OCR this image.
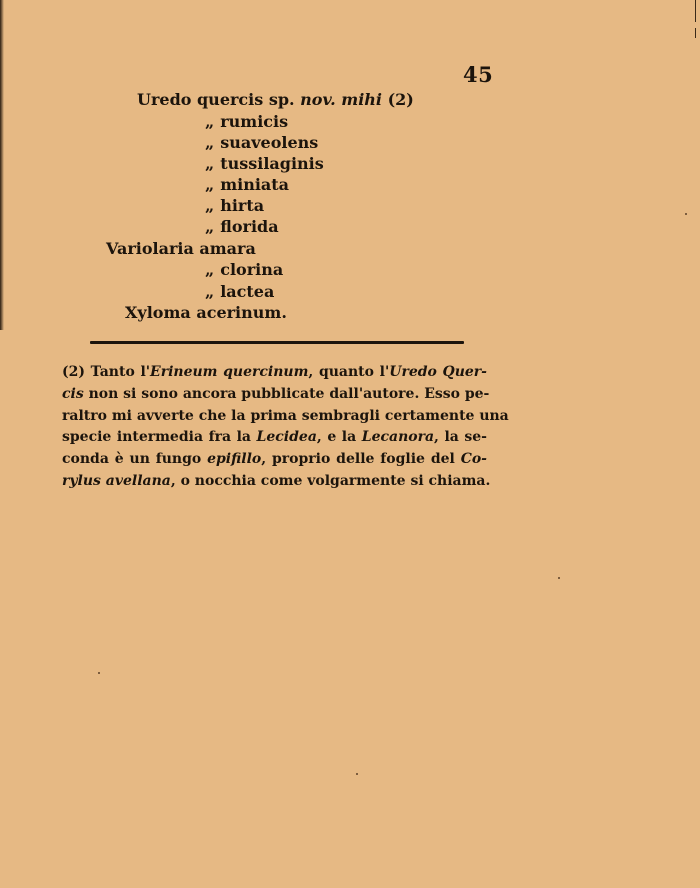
45
Uredo quercis sp. nov. mihi (2)
„ rumicis
„ suaveolens
„ tussilaginis
„ miniata
„ hirta
„ florida
Variolaria amara
„ clorina
„ lactea
Xyloma acerinum.
(2) Tanto l'Erineum quercinum, quanto l'Uredo Quer-
cis non si sono ancora pubblicate dall'autore. Esso pe-
raltro mi avverte che la prima sembragli certamente una
specie intermedia fra la Lecidea, e la Lecanora, la se-
conda è un fungo epifillo, proprio delle foglie del Co-
rylus avellana, o nocchia come volgarmente si chiama.
